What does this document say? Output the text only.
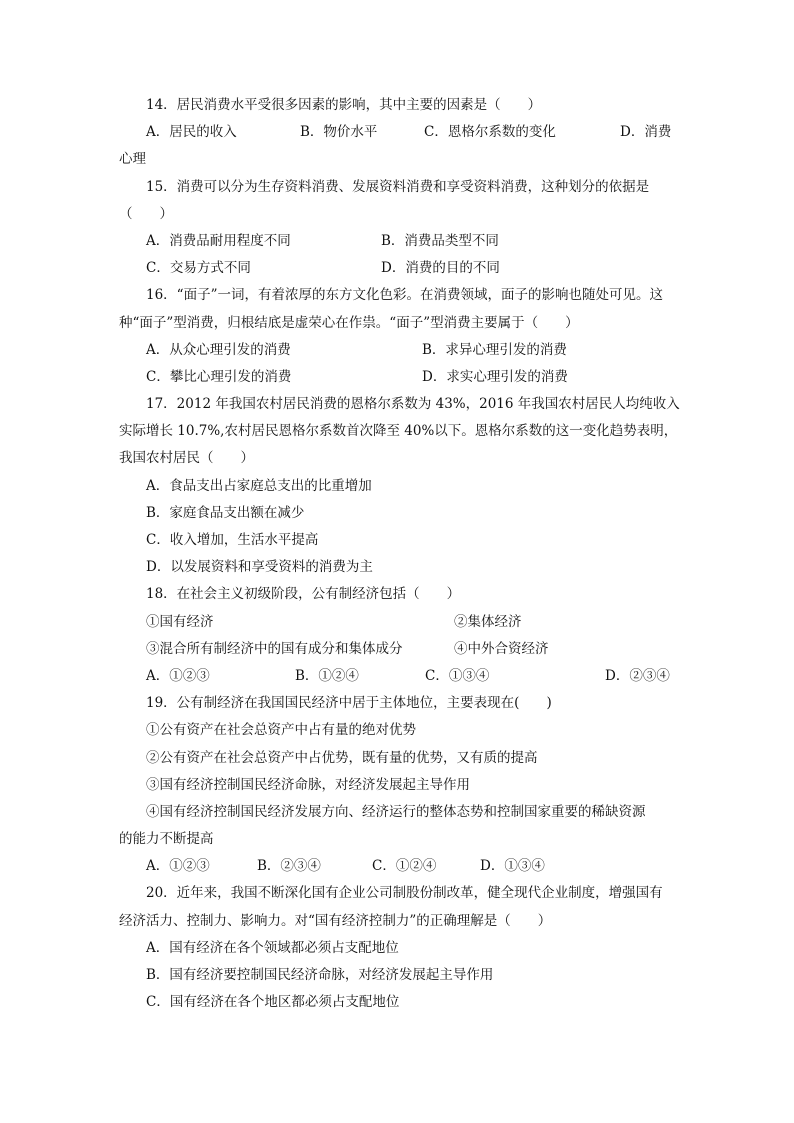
14．居民消费水平受很多因素的影响，其中主要的因素是（　　）
A．居民的收入	B．物价水平	C．恩格尔系数的变化	D．消费
心理
15．消费可以分为生存资料消费、发展资料消费和享受资料消费，这种划分的依据是
（　　）
A．消费品耐用程度不同	B．消费品类型不同
C．交易方式不同	D．消费的目的不同
16．“面子”一词，有着浓厚的东方文化色彩。在消费领域，面子的影响也随处可见。这
种“面子”型消费，归根结底是虚荣心在作祟。“面子”型消费主要属于（　　）
A．从众心理引发的消费	B．求异心理引发的消费
C．攀比心理引发的消费	D．求实心理引发的消费
17．2012 年我国农村居民消费的恩格尔系数为 43%，2016 年我国农村居民人均纯收入
实际增长 10.7%,农村居民恩格尔系数首次降至 40%以下。恩格尔系数的这一变化趋势表明，
我国农村居民（　　）
A．食品支出占家庭总支出的比重增加
B．家庭食品支出额在减少
C．收入增加，生活水平提高
D．以发展资料和享受资料的消费为主
18．在社会主义初级阶段，公有制经济包括（　　）
①国有经济	②集体经济
③混合所有制经济中的国有成分和集体成分	④中外合资经济
A．①②③	B．①②④	C．①③④	D．②③④
19．公有制经济在我国国民经济中居于主体地位，主要表现在(　　)
①公有资产在社会总资产中占有量的绝对优势
②公有资产在社会总资产中占优势，既有量的优势，又有质的提高
③国有经济控制国民经济命脉，对经济发展起主导作用
④国有经济控制国民经济发展方向、经济运行的整体态势和控制国家重要的稀缺资源
的能力不断提高
A．①②③	B．②③④	C．①②④	D．①③④
20．近年来，我国不断深化国有企业公司制股份制改革，健全现代企业制度，增强国有
经济活力、控制力、影响力。对“国有经济控制力”的正确理解是（　　）
A．国有经济在各个领域都必须占支配地位
B．国有经济要控制国民经济命脉，对经济发展起主导作用
C．国有经济在各个地区都必须占支配地位
